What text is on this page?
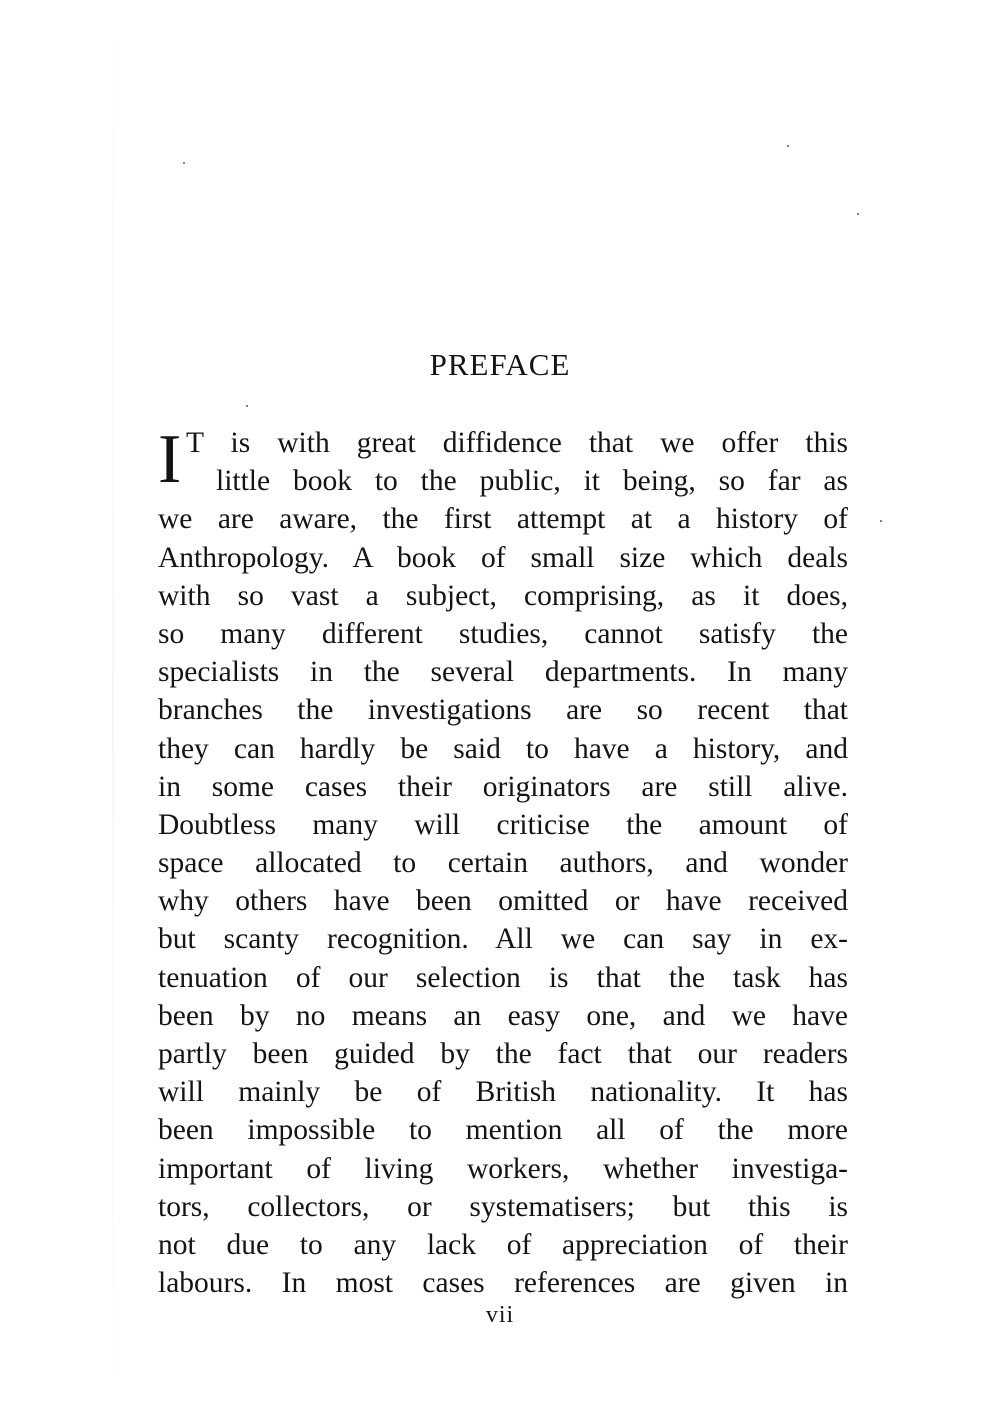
PREFACE
I T is with great diffidence that we offer this
little book to the public, it being, so far as
we are aware, the first attempt at a history of
Anthropology. A book of small size which deals
with so vast a subject, comprising, as it does,
so many different studies, cannot satisfy the
specialists in the several departments. In many
branches the investigations are so recent that
they can hardly be said to have a history, and
in some cases their originators are still alive.
Doubtless many will criticise the amount of
space allocated to certain authors, and wonder
why others have been omitted or have received
but scanty recognition. All we can say in ex-
tenuation of our selection is that the task has
been by no means an easy one, and we have
partly been guided by the fact that our readers
will mainly be of British nationality. It has
been impossible to mention all of the more
important of living workers, whether investiga-
tors, collectors, or systematisers; but this is
not due to any lack of appreciation of their
labours. In most cases references are given in
vii
